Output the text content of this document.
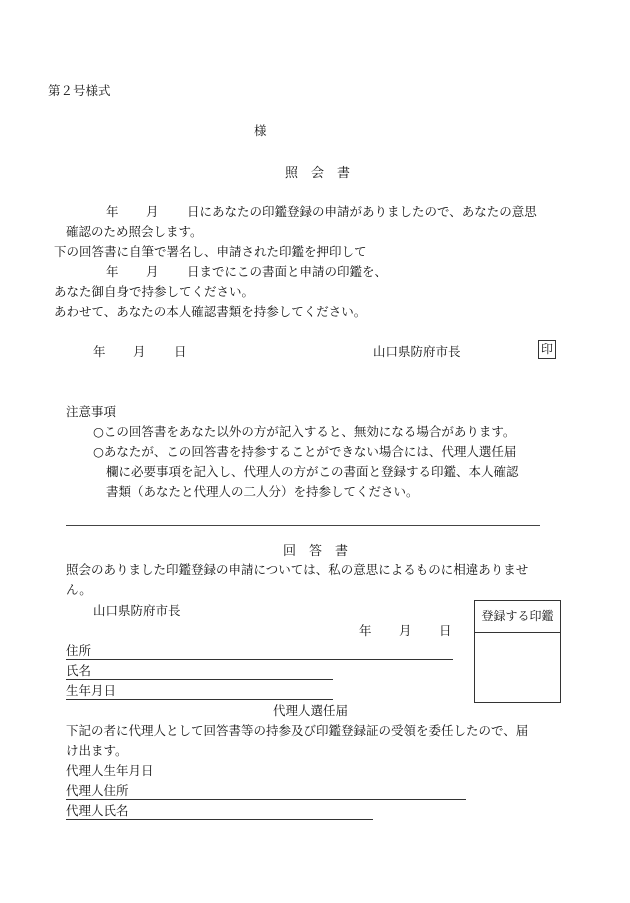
第２号様式
様
照　会　書
年 月 日にあなたの印鑑登録の申請がありましたので、あなたの意思
確認のため照会します。
下の回答書に自筆で署名し、申請された印鑑を押印して
年 月 日までにこの書面と申請の印鑑を、
あなた御自身で持参してください。
あわせて、あなたの本人確認書類を持参してください。
年 月 日	山口県防府市長	印
注意事項
○この回答書をあなた以外の方が記入すると、無効になる場合があります。
○あなたが、この回答書を持参することができない場合には、代理人選任届
欄に必要事項を記入し、代理人の方がこの書面と登録する印鑑、本人確認
書類（あなたと代理人の二人分）を持参してください。
回　答　書
照会のありました印鑑登録の申請については、私の意思によるものに相違ありませ
ん。
山口県防府市長
年 月 日
住所
氏名
生年月日
登録する印鑑
代理人選任届
下記の者に代理人として回答書等の持参及び印鑑登録証の受領を委任したので、届
け出ます。
代理人生年月日
代理人住所
代理人氏名
